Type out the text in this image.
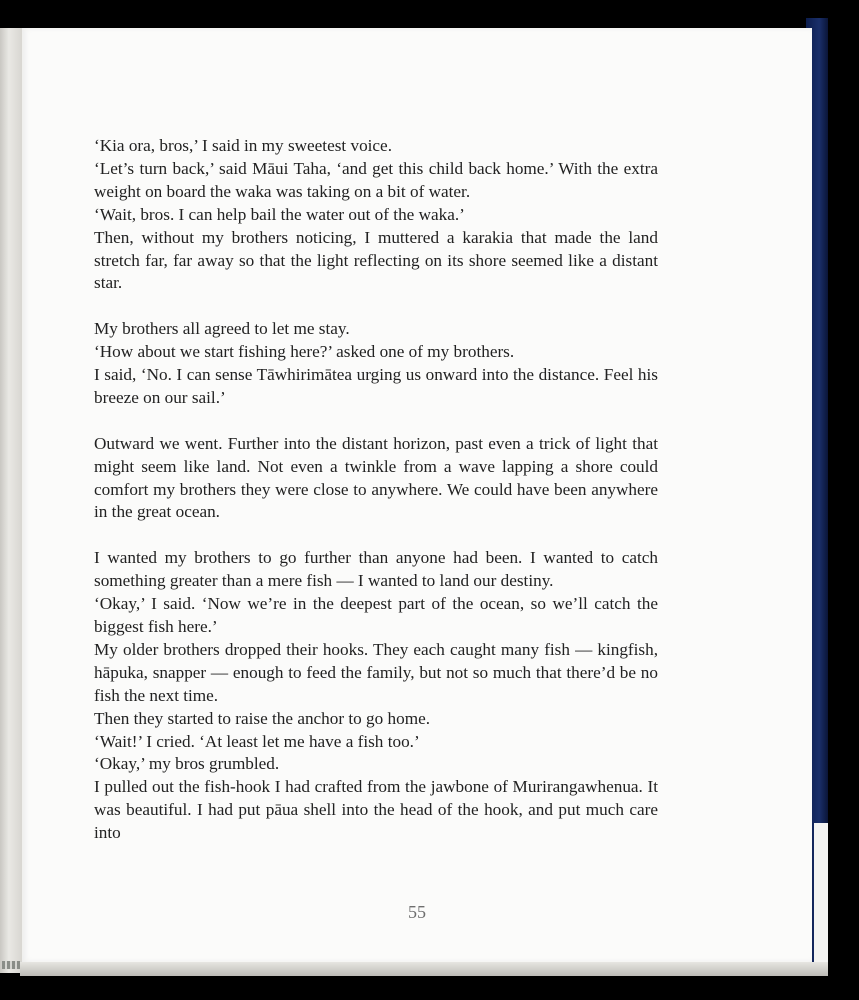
‘Kia ora, bros,’ I said in my sweetest voice.

‘Let’s turn back,’ said Māui Taha, ‘and get this child back home.’ With the extra

weight on board the waka was taking on a bit of water.

‘Wait, bros. I can help bail the water out of the waka.’

Then, without my brothers noticing, I muttered a karakia that made the land

stretch far, far away so that the light reflecting on its shore seemed like a distant

star.

My brothers all agreed to let me stay.

‘How about we start fishing here?’ asked one of my brothers.

I said, ‘No. I can sense Tāwhirimātea urging us onward into the distance. Feel his

breeze on our sail.’

Outward we went. Further into the distant horizon, past even a trick of light that

might seem like land. Not even a twinkle from a wave lapping a shore could

comfort my brothers they were close to anywhere. We could have been anywhere

in the great ocean.

I wanted my brothers to go further than anyone had been. I wanted to catch

something greater than a mere fish — I wanted to land our destiny.

‘Okay,’ I said. ‘Now we’re in the deepest part of the ocean, so we’ll catch the

biggest fish here.’

My older brothers dropped their hooks. They each caught many fish — kingfish,

hāpuka, snapper — enough to feed the family, but not so much that there’d be no

fish the next time.

Then they started to raise the anchor to go home.

‘Wait!’ I cried. ‘At least let me have a fish too.’

‘Okay,’ my bros grumbled.

I pulled out the fish-hook I had crafted from the jawbone of Murirangawhenua. It

was beautiful. I had put pāua shell into the head of the hook, and put much care into

55
